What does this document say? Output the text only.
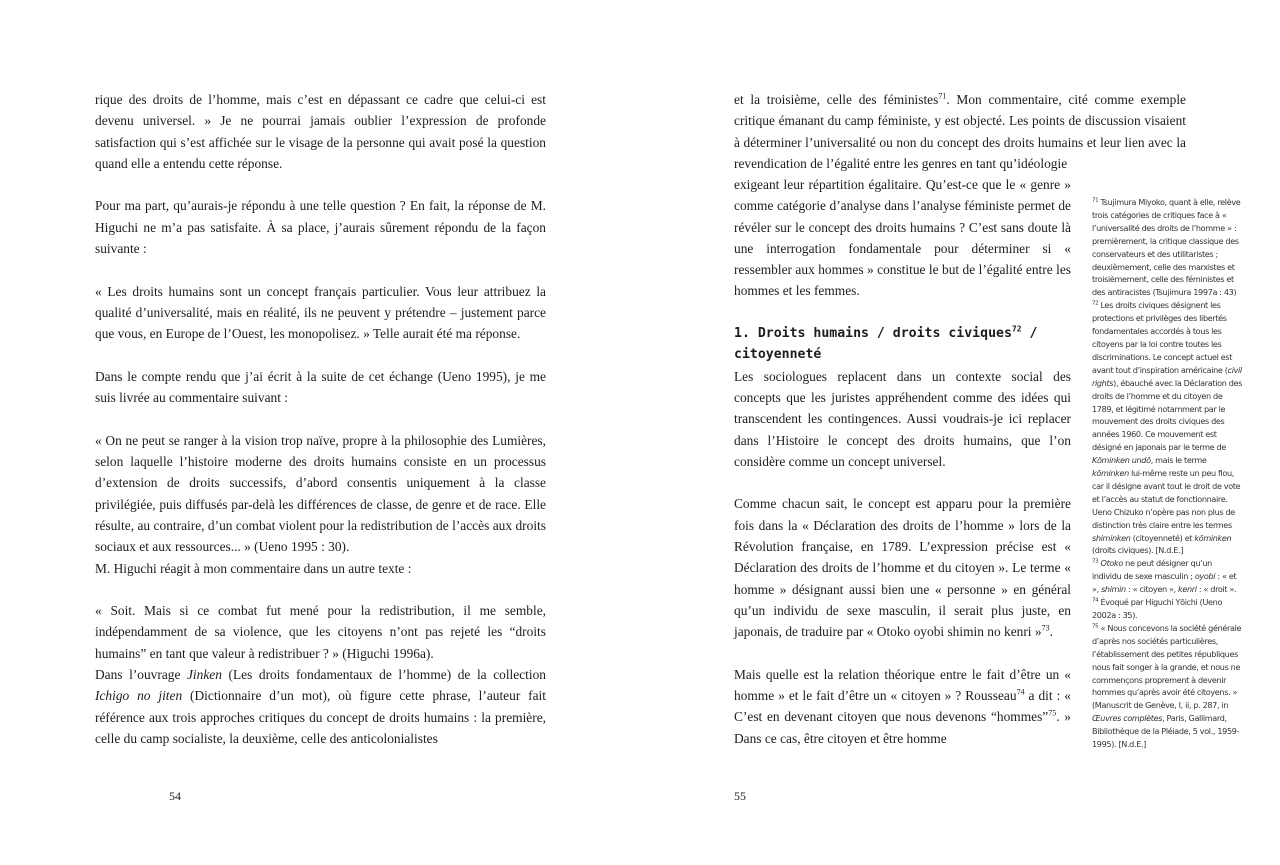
rique des droits de l’homme, mais c’est en dépassant ce cadre que celui-ci est devenu universel. » Je ne pourrai jamais oublier l’expression de profonde satisfaction qui s’est affichée sur le visage de la personne qui avait posé la question quand elle a entendu cette réponse.

Pour ma part, qu’aurais-je répondu à une telle question ? En fait, la réponse de M. Higuchi ne m’a pas satisfaite. À sa place, j’aurais sûrement répondu de la façon suivante :

« Les droits humains sont un concept français particulier. Vous leur attribuez la qualité d’universalité, mais en réalité, ils ne peuvent y prétendre – justement parce que vous, en Europe de l’Ouest, les monopolisez. » Telle aurait été ma réponse.

Dans le compte rendu que j’ai écrit à la suite de cet échange (Ueno 1995), je me suis livrée au commentaire suivant :

« On ne peut se ranger à la vision trop naïve, propre à la philosophie des Lumières, selon laquelle l’histoire moderne des droits humains consiste en un processus d’extension de droits successifs, d’abord consentis uniquement à la classe privilégiée, puis diffusés par-delà les différences de classe, de genre et de race. Elle résulte, au contraire, d’un combat violent pour la redistribution de l’accès aux droits sociaux et aux ressources... » (Ueno 1995 : 30).

M. Higuchi réagit à mon commentaire dans un autre texte :

« Soit. Mais si ce combat fut mené pour la redistribution, il me semble, indépendamment de sa violence, que les citoyens n’ont pas rejeté les “droits humains” en tant que valeur à redistribuer ? » (Higuchi 1996a).

Dans l’ouvrage Jinken (Les droits fondamentaux de l’homme) de la collection Ichigo no jiten (Dictionnaire d’un mot), où figure cette phrase, l’auteur fait référence aux trois approches critiques du concept de droits humains : la première, celle du camp socialiste, la deuxième, celle des anticolonialistes

54

et la troisième, celle des féministes$^{71}$. Mon commentaire, cité comme exemple critique émanant du camp féministe, y est objecté. Les points de discussion visaient à déterminer l’universalité ou non du concept des droits humains et leur lien avec la revendication de l’égalité entre les genres en tant qu’idéologie

exigeant leur répartition égalitaire. Qu’est-ce que le « genre » comme catégorie d’analyse dans l’analyse féministe permet de révéler sur le concept des droits humains ? C’est sans doute là une interrogation fondamentale pour déterminer si « ressembler aux hommes » constitue le but de l’égalité entre les hommes et les femmes.

1. Droits humains / droits civiques$^{72}$ /

citoyenneté

Les sociologues replacent dans un contexte social des concepts que les juristes appréhendent comme des idées qui transcendent les contingences. Aussi voudrais-je ici replacer dans l’Histoire le concept des droits humains, que l’on considère comme un concept universel.

Comme chacun sait, le concept est apparu pour la première fois dans la « Déclaration des droits de l’homme » lors de la Révolution française, en 1789. L’expression précise est « Déclaration des droits de l’homme et du citoyen ». Le terme « homme » désignant aussi bien une « personne » en général qu’un individu de sexe masculin, il serait plus juste, en japonais, de traduire par « Otoko oyobi shimin no kenri »$^{73}$.

Mais quelle est la relation théorique entre le fait d’être un « homme » et le fait d’être un « citoyen » ? Rousseau$^{74}$ a dit : « C’est en devenant citoyen que nous devenons “hommes”$^{75}$. » Dans ce cas, être citoyen et être homme

$^{71}$ Tsujimura Miyoko, quant à elle, relève trois catégories de critiques face à « l’universalité des droits de l’homme » : premièrement, la critique classique des conservateurs et des utilitaristes ; deuxièmement, celle des marxistes et troisièmement, celle des féministes et des antiracistes (Tsujimura 1997a : 43)

$^{72}$ Les droits civiques désignent les protections et privilèges des libertés fondamentales accordés à tous les citoyens par la loi contre toutes les discriminations. Le concept actuel est avant tout d’inspiration américaine (civil rights), ébauché avec la Déclaration des droits de l’homme et du citoyen de 1789, et légitimé notamment par le mouvement des droits civiques des années 1960. Ce mouvement est désigné en japonais par le terme de Kōminken undō, mais le terme kōminken lui-même reste un peu flou, car il désigne avant tout le droit de vote et l’accès au statut de fonctionnaire. Ueno Chizuko n’opère pas non plus de distinction très claire entre les termes shiminken (citoyenneté) et kōminken (droits civiques). [N.d.E.]

$^{73}$ Otoko ne peut désigner qu’un individu de sexe masculin ; oyobi : « et », shimin : « citoyen », kenri : « droit ».

$^{74}$ Évoqué par Higuchi Yōichi (Ueno 2002a : 35).

$^{75}$ « Nous concevons la société générale d’après nos sociétés particulières, l’établissement des petites républiques nous fait songer à la grande, et nous ne commençons proprement à devenir hommes qu’après avoir été citoyens. » (Manuscrit de Genève, I, ii, p. 287, in Œuvres complètes, Paris, Gallimard, Bibliothèque de la Pléiade, 5 vol., 1959-1995). [N.d.E.]

55
